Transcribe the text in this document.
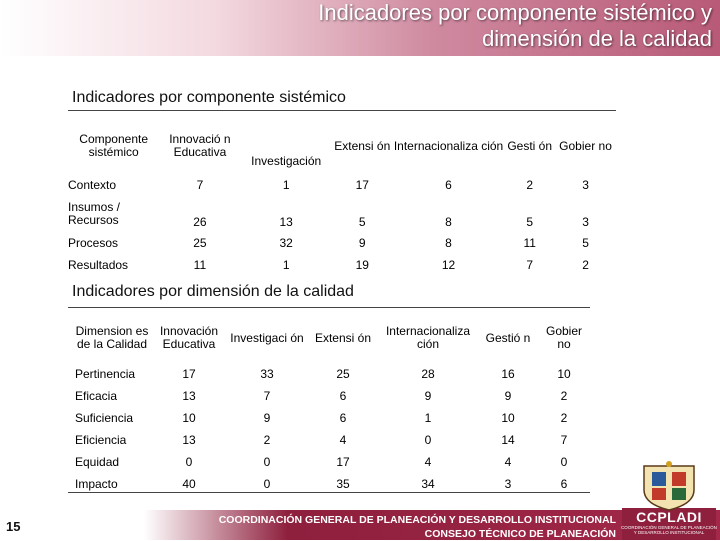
Indicadores por componente sistémico y
dimensión de la calidad
Indicadores por componente sistémico
Componente sistémico	Innovació n Educativa	Investigación	Extensi ón	Internacionaliza ción	Gesti ón	Gobier no
Contexto	7	1	17	6	2	3
Insumos / Recursos	26	13	5	8	5	3
Procesos	25	32	9	8	11	5
Resultados	11	1	19	12	7	2
Indicadores por dimensión de la calidad
Dimension es de la Calidad	Innovación Educativa	Investigaci ón	Extensi ón	Internacionaliza ción	Gestió n	Gobier no
Pertinencia	17	33	25	28	16	10
Eficacia	13	7	6	9	9	2
Suficiencia	10	9	6	1	10	2
Eficiencia	13	2	4	0	14	7
Equidad	0	0	17	4	4	0
Impacto	40	0	35	34	3	6
15	COORDINACIÓN GENERAL DE PLANEACIÓN Y DESARROLLO INSTITUCIONAL
CONSEJO TÉCNICO DE PLANEACIÓN
CCPLADI
COORDINACIÓN GENERAL DE PLANEACIÓN Y DESARROLLO INSTITUCIONAL
